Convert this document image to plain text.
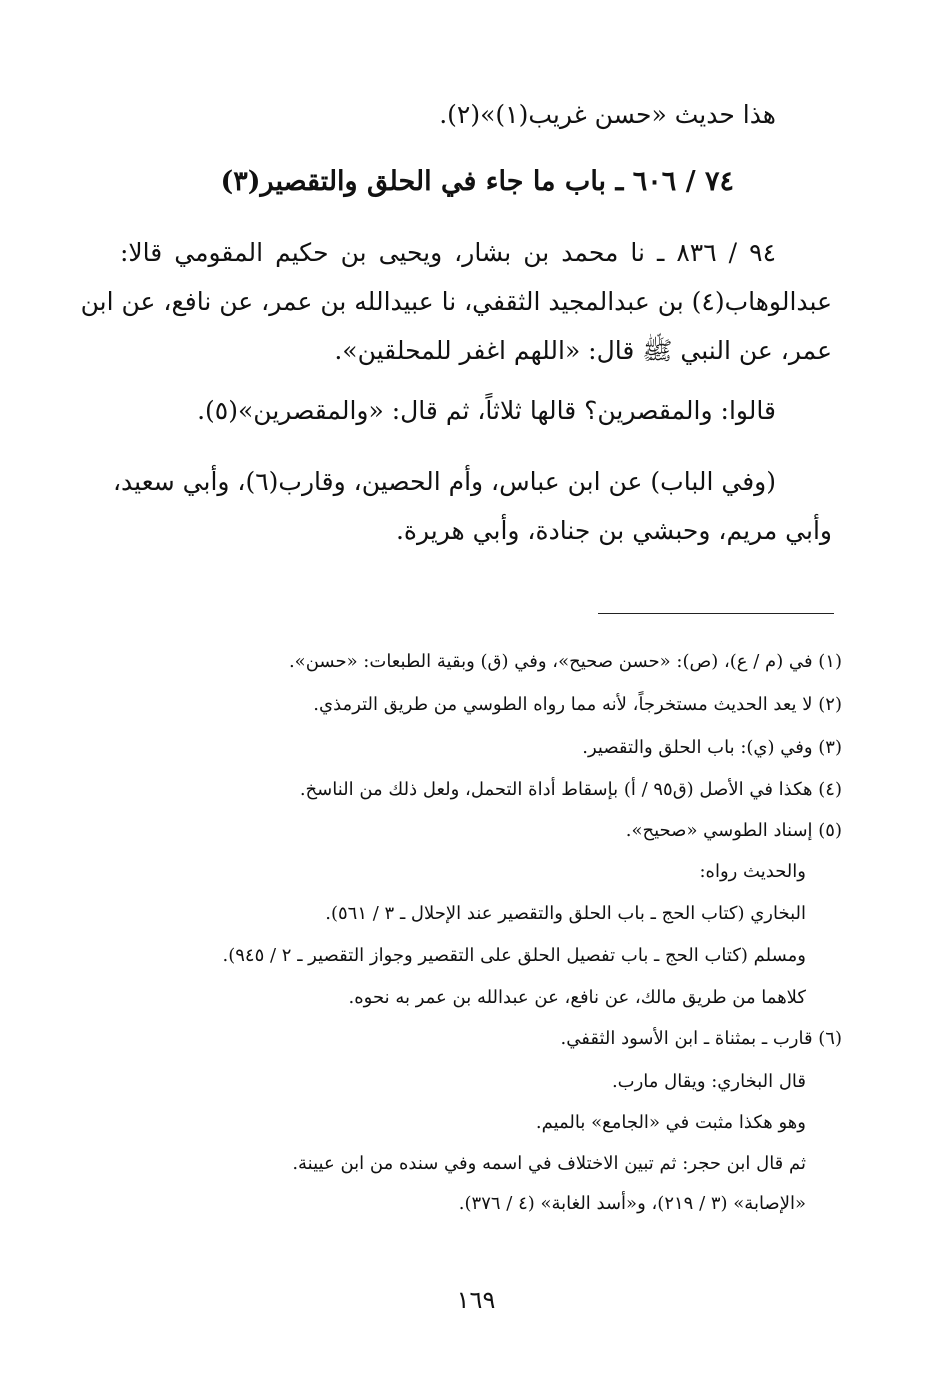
هذا حديث «حسن غريب(١)»(٢).
٧٤ / ٦٠٦ ـ باب ما جاء في الحلق والتقصير(٣)
٩٤ / ٨٣٦ ـ نا محمد بن بشار، ويحيى بن حكيم المقومي قالا:
عبدالوهاب(٤) بن عبدالمجيد الثقفي، نا عبيدالله بن عمر، عن نافع، عن ابن
عمر، عن النبي ﷺ قال: «اللهم اغفر للمحلقين».
قالوا: والمقصرين؟ قالها ثلاثاً، ثم قال: «والمقصرين»(٥).
(وفي الباب) عن ابن عباس، وأم الحصين، وقارب(٦)، وأبي سعيد،
وأبي مريم، وحبشي بن جنادة، وأبي هريرة.
(١) في (م / ع)، (ص): «حسن صحيح»، وفي (ق) وبقية الطبعات: «حسن».
(٢) لا يعد الحديث مستخرجاً، لأنه مما رواه الطوسي من طريق الترمذي.
(٣) وفي (ي): باب الحلق والتقصير.
(٤) هكذا في الأصل (ق٩٥ / أ) بإسقاط أداة التحمل، ولعل ذلك من الناسخ.
(٥) إسناد الطوسي «صحيح».
والحديث رواه:
البخاري (كتاب الحج ـ باب الحلق والتقصير عند الإحلال ـ ٣ / ٥٦١).
ومسلم (كتاب الحج ـ باب تفصيل الحلق على التقصير وجواز التقصير ـ ٢ / ٩٤٥).
كلاهما من طريق مالك، عن نافع، عن عبدالله بن عمر به نحوه.
(٦) قارب ـ بمثناة ـ ابن الأسود الثقفي.
قال البخاري: ويقال مارب.
وهو هكذا مثبت في «الجامع» بالميم.
ثم قال ابن حجر: ثم تبين الاختلاف في اسمه وفي سنده من ابن عيينة.
«الإصابة» (٣ / ٢١٩)، و«أسد الغابة» (٤ / ٣٧٦).
١٦٩
